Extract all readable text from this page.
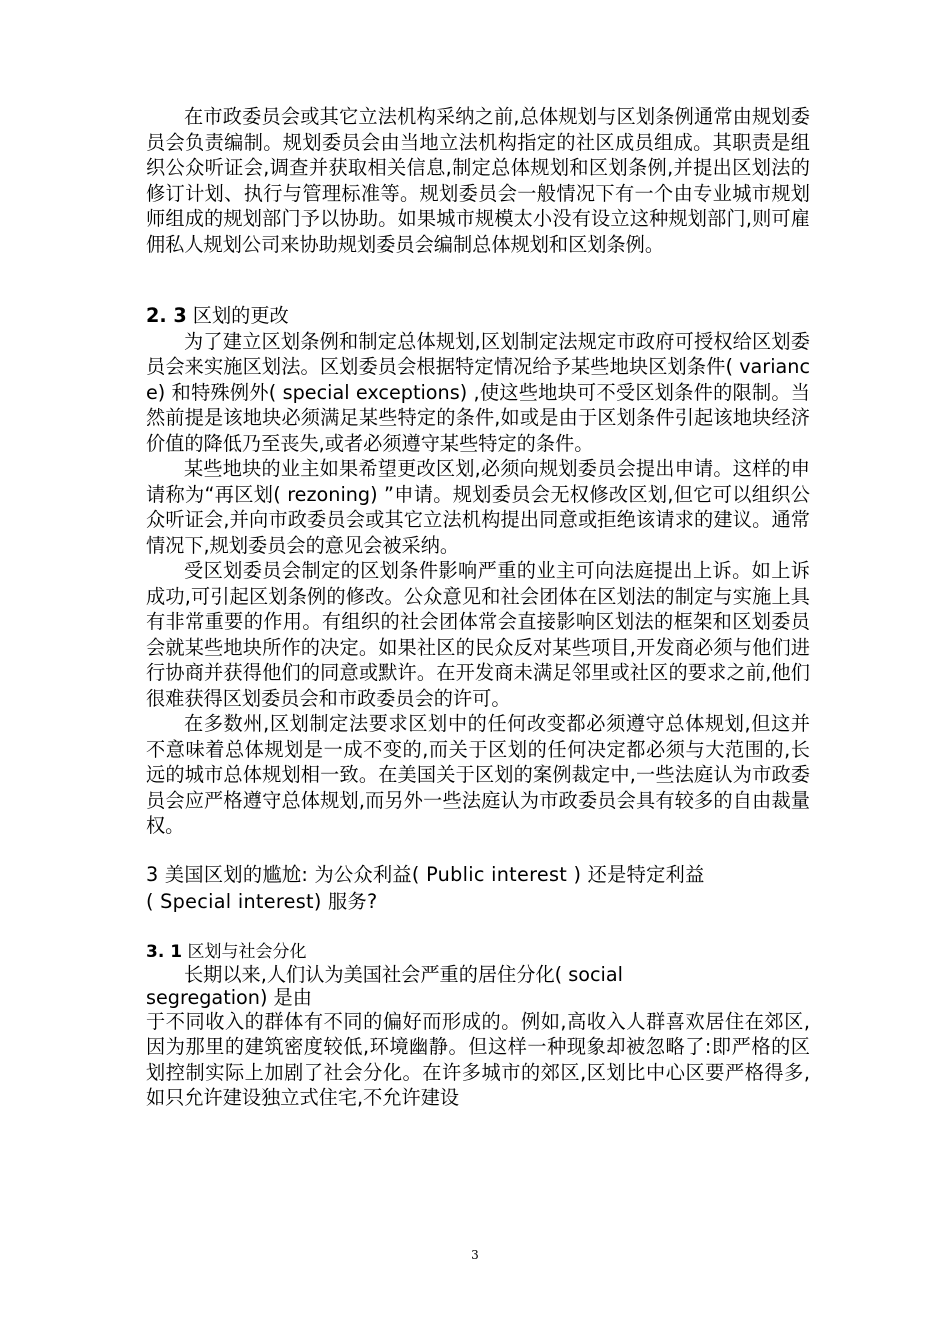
在市政委员会或其它立法机构采纳之前,总体规划与区划条例通常由规划委员会负责编制。规划委员会由当地立法机构指定的社区成员组成。其职责是组织公众听证会,调查并获取相关信息,制定总体规划和区划条例,并提出区划法的修订计划、执行与管理标准等。规划委员会一般情况下有一个由专业城市规划师组成的规划部门予以协助。如果城市规模太小没有设立这种规划部门,则可雇佣私人规划公司来协助规划委员会编制总体规划和区划条例。

2. 3 区划的更改

为了建立区划条例和制定总体规划,区划制定法规定市政府可授权给区划委员会来实施区划法。区划委员会根据特定情况给予某些地块区划条件( variance) 和特殊例外( special exceptions) ,使这些地块可不受区划条件的限制。当然前提是该地块必须满足某些特定的条件,如或是由于区划条件引起该地块经济价值的降低乃至丧失,或者必须遵守某些特定的条件。

某些地块的业主如果希望更改区划,必须向规划委员会提出申请。这样的申请称为“再区划( rezoning) ”申请。规划委员会无权修改区划,但它可以组织公众听证会,并向市政委员会或其它立法机构提出同意或拒绝该请求的建议。通常情况下,规划委员会的意见会被采纳。

受区划委员会制定的区划条件影响严重的业主可向法庭提出上诉。如上诉成功,可引起区划条例的修改。公众意见和社会团体在区划法的制定与实施上具有非常重要的作用。有组织的社会团体常会直接影响区划法的框架和区划委员会就某些地块所作的决定。如果社区的民众反对某些项目,开发商必须与他们进行协商并获得他们的同意或默许。在开发商未满足邻里或社区的要求之前,他们很难获得区划委员会和市政委员会的许可。

在多数州,区划制定法要求区划中的任何改变都必须遵守总体规划,但这并不意味着总体规划是一成不变的,而关于区划的任何决定都必须与大范围的,长远的城市总体规划相一致。在美国关于区划的案例裁定中,一些法庭认为市政委员会应严格遵守总体规划,而另外一些法庭认为市政委员会具有较多的自由裁量权。

3 美国区划的尴尬: 为公众利益( Public interest ) 还是特定利益
( Special interest) 服务?
3. 1 区划与社会分化
长期以来,人们认为美国社会严重的居住分化( social
segregation) 是由

于不同收入的群体有不同的偏好而形成的。例如,高收入人群喜欢居住在郊区,因为那里的建筑密度较低,环境幽静。但这样一种现象却被忽略了:即严格的区划控制实际上加剧了社会分化。在许多城市的郊区,区划比中心区要严格得多,如只允许建设独立式住宅,不允许建设

3
